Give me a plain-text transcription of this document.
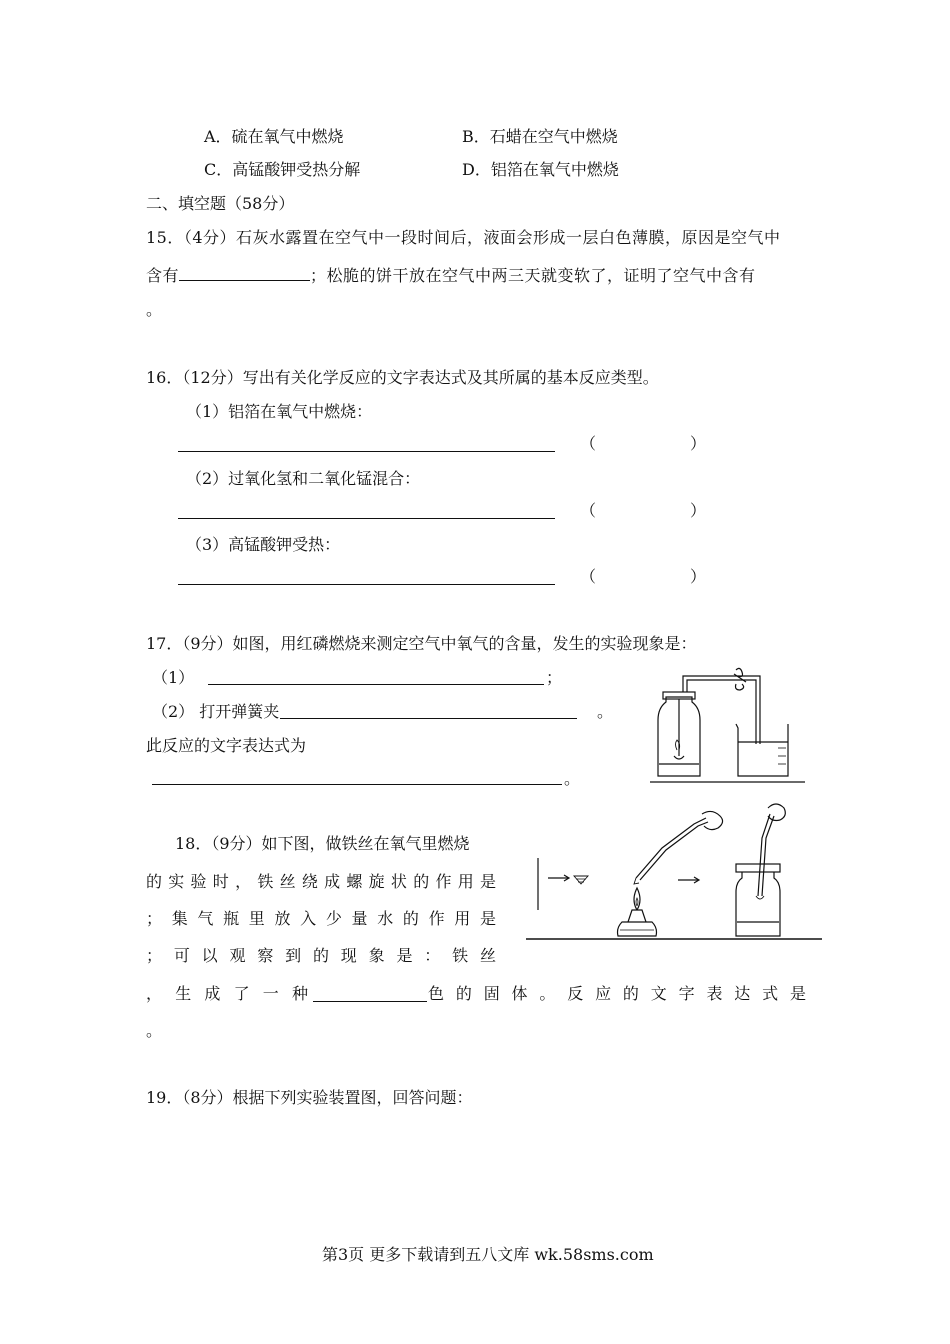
A．硫在氧气中燃烧	B．石蜡在空气中燃烧
C．高锰酸钾受热分解	D．铝箔在氧气中燃烧
二、填空题（58分）
15．（4分）石灰水露置在空气中一段时间后，液面会形成一层白色薄膜，原因是空气中
含有	；松脆的饼干放在空气中两三天就变软了，证明了空气中含有
。
16．（12分）写出有关化学反应的文字表达式及其所属的基本反应类型。
（1）铝箔在氧气中燃烧：
（	）
（2）过氧化氢和二氧化锰混合：
（	）
（3）高锰酸钾受热：
（	）
17．（9分）如图，用红磷燃烧来测定空气中氧气的含量，发生的实验现象是：
（1）	；
（2） 打开弹簧夹	。
此反应的文字表达式为
。
18．（9分）如下图，做铁丝在氧气里燃烧
的 实 验 时 ， 铁 丝 绕 成 螺 旋 状 的 作 用 是
； 集 气 瓶 里 放 入 少 量 水 的 作 用 是
； 可 以 观 察 到 的 现 象 是 ： 铁 丝
， 生 成 了 一 种	色 的 固 体 。 反 应 的 文 字 表 达 式 是
。
19．（8分）根据下列实验装置图，回答问题：
第3页 更多下载请到五八文库 wk.58sms.com
